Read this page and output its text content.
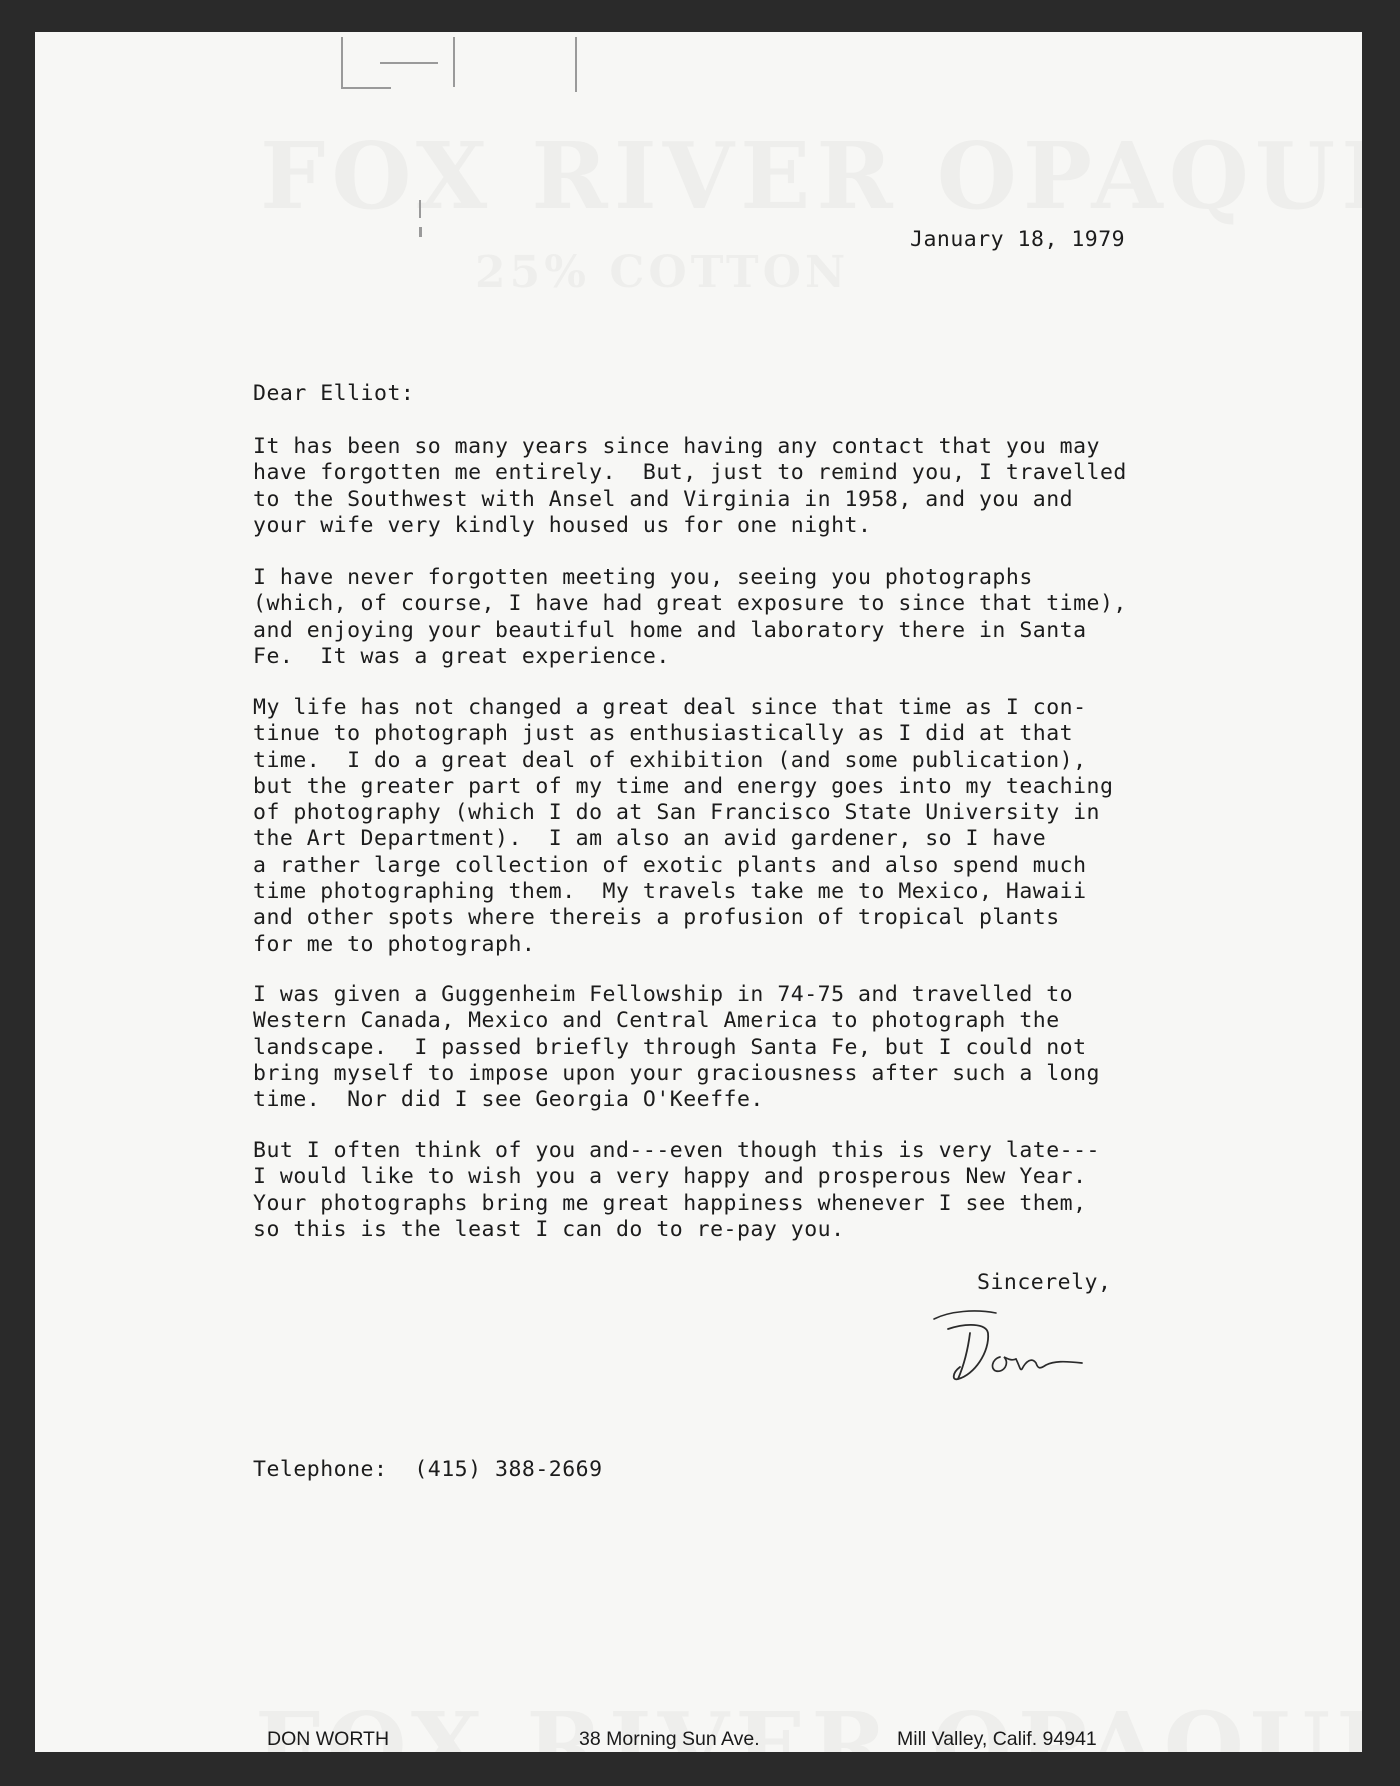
January 18, 1979
Dear Elliot:

It has been so many years since having any contact that you may
have forgotten me entirely.  But, just to remind you, I travelled
to the Southwest with Ansel and Virginia in 1958, and you and
your wife very kindly housed us for one night.

I have never forgotten meeting you, seeing you photographs
(which, of course, I have had great exposure to since that time),
and enjoying your beautiful home and laboratory there in Santa
Fe.  It was a great experience.

My life has not changed a great deal since that time as I con-
tinue to photograph just as enthusiastically as I did at that
time.  I do a great deal of exhibition (and some publication),
but the greater part of my time and energy goes into my teaching
of photography (which I do at San Francisco State University in
the Art Department).  I am also an avid gardener, so I have
a rather large collection of exotic plants and also spend much
time photographing them.  My travels take me to Mexico, Hawaii
and other spots where thereis a profusion of tropical plants
for me to photograph.

I was given a Guggenheim Fellowship in 74-75 and travelled to
Western Canada, Mexico and Central America to photograph the
landscape.  I passed briefly through Santa Fe, but I could not
bring myself to impose upon your graciousness after such a long
time.  Nor did I see Georgia O'Keeffe.

But I often think of you and---even though this is very late---
I would like to wish you a very happy and prosperous New Year.
Your photographs bring me great happiness whenever I see them,
so this is the least I can do to re-pay you.

Sincerely,
Telephone:  (415) 388-2669
DON WORTH	38 Morning Sun Ave.	Mill Valley, Calif. 94941
